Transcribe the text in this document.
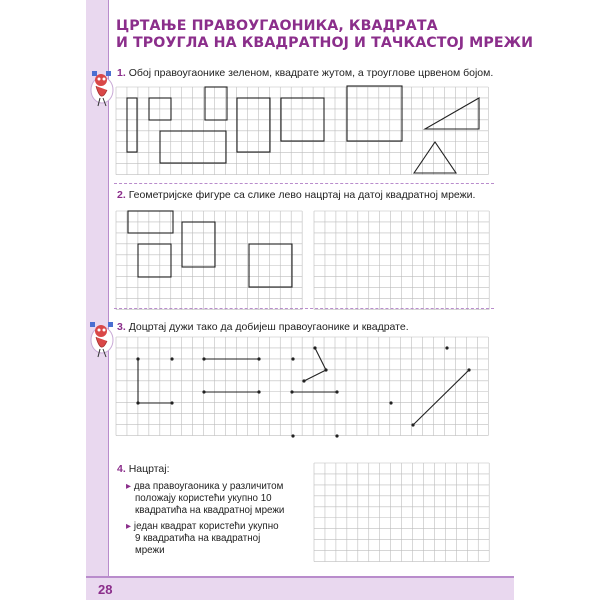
ЦРТАЊЕ ПРАВОУГАОНИКА, КВАДРАТА
И ТРОУГЛА НА КВАДРАТНОЈ И ТАЧКАСТОЈ МРЕЖИ
1. Обој правоугаонике зеленом, квадрате жутом, а троуглове црвеном бојом.
2. Геометријске фигуре са слике лево нацртај на датој квадратној мрежи.
3. Доцртај дужи тако да добијеш правоугаонике и квадрате.
4. Нацртај:
▸ два правоугаоника у различитом
положају користећи укупно 10
квадратића на квадратној мрежи
▸ један квадрат користећи укупно
9 квадратића на квадратној
мрежи
28
